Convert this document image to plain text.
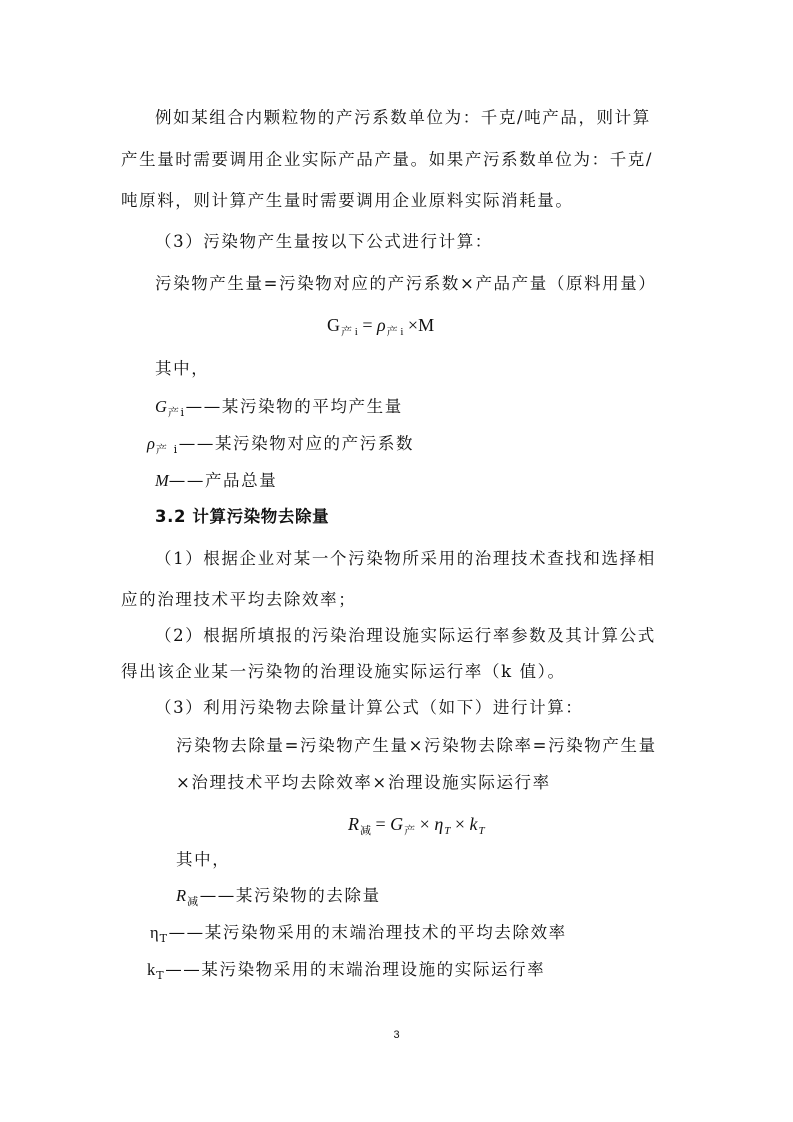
例如某组合内颗粒物的产污系数单位为：千克/吨产品，则计算
产生量时需要调用企业实际产品产量。如果产污系数单位为：千克/
吨原料，则计算产生量时需要调用企业原料实际消耗量。
（3）污染物产生量按以下公式进行计算：
污染物产生量=污染物对应的产污系数×产品产量（原料用量）
$G_{产 i} = \rho_{产 i} \times M$
其中，
$G_{产i}——$某污染物的平均产生量
$\rho_{产 i}——$某污染物对应的产污系数
M——产品总量
3.2 计算污染物去除量
（1）根据企业对某一个污染物所采用的治理技术查找和选择相
应的治理技术平均去除效率；
（2）根据所填报的污染治理设施实际运行率参数及其计算公式
得出该企业某一污染物的治理设施实际运行率（k 值）。
（3）利用污染物去除量计算公式（如下）进行计算：
污染物去除量=污染物产生量×污染物去除率=污染物产生量
×治理技术平均去除效率×治理设施实际运行率
$R_减 = G_产 \times \eta_T \times k_T$
其中，
$R_减——$某污染物的去除量
$\eta_T——$某污染物采用的末端治理技术的平均去除效率
$k_T——$某污染物采用的末端治理设施的实际运行率
3
